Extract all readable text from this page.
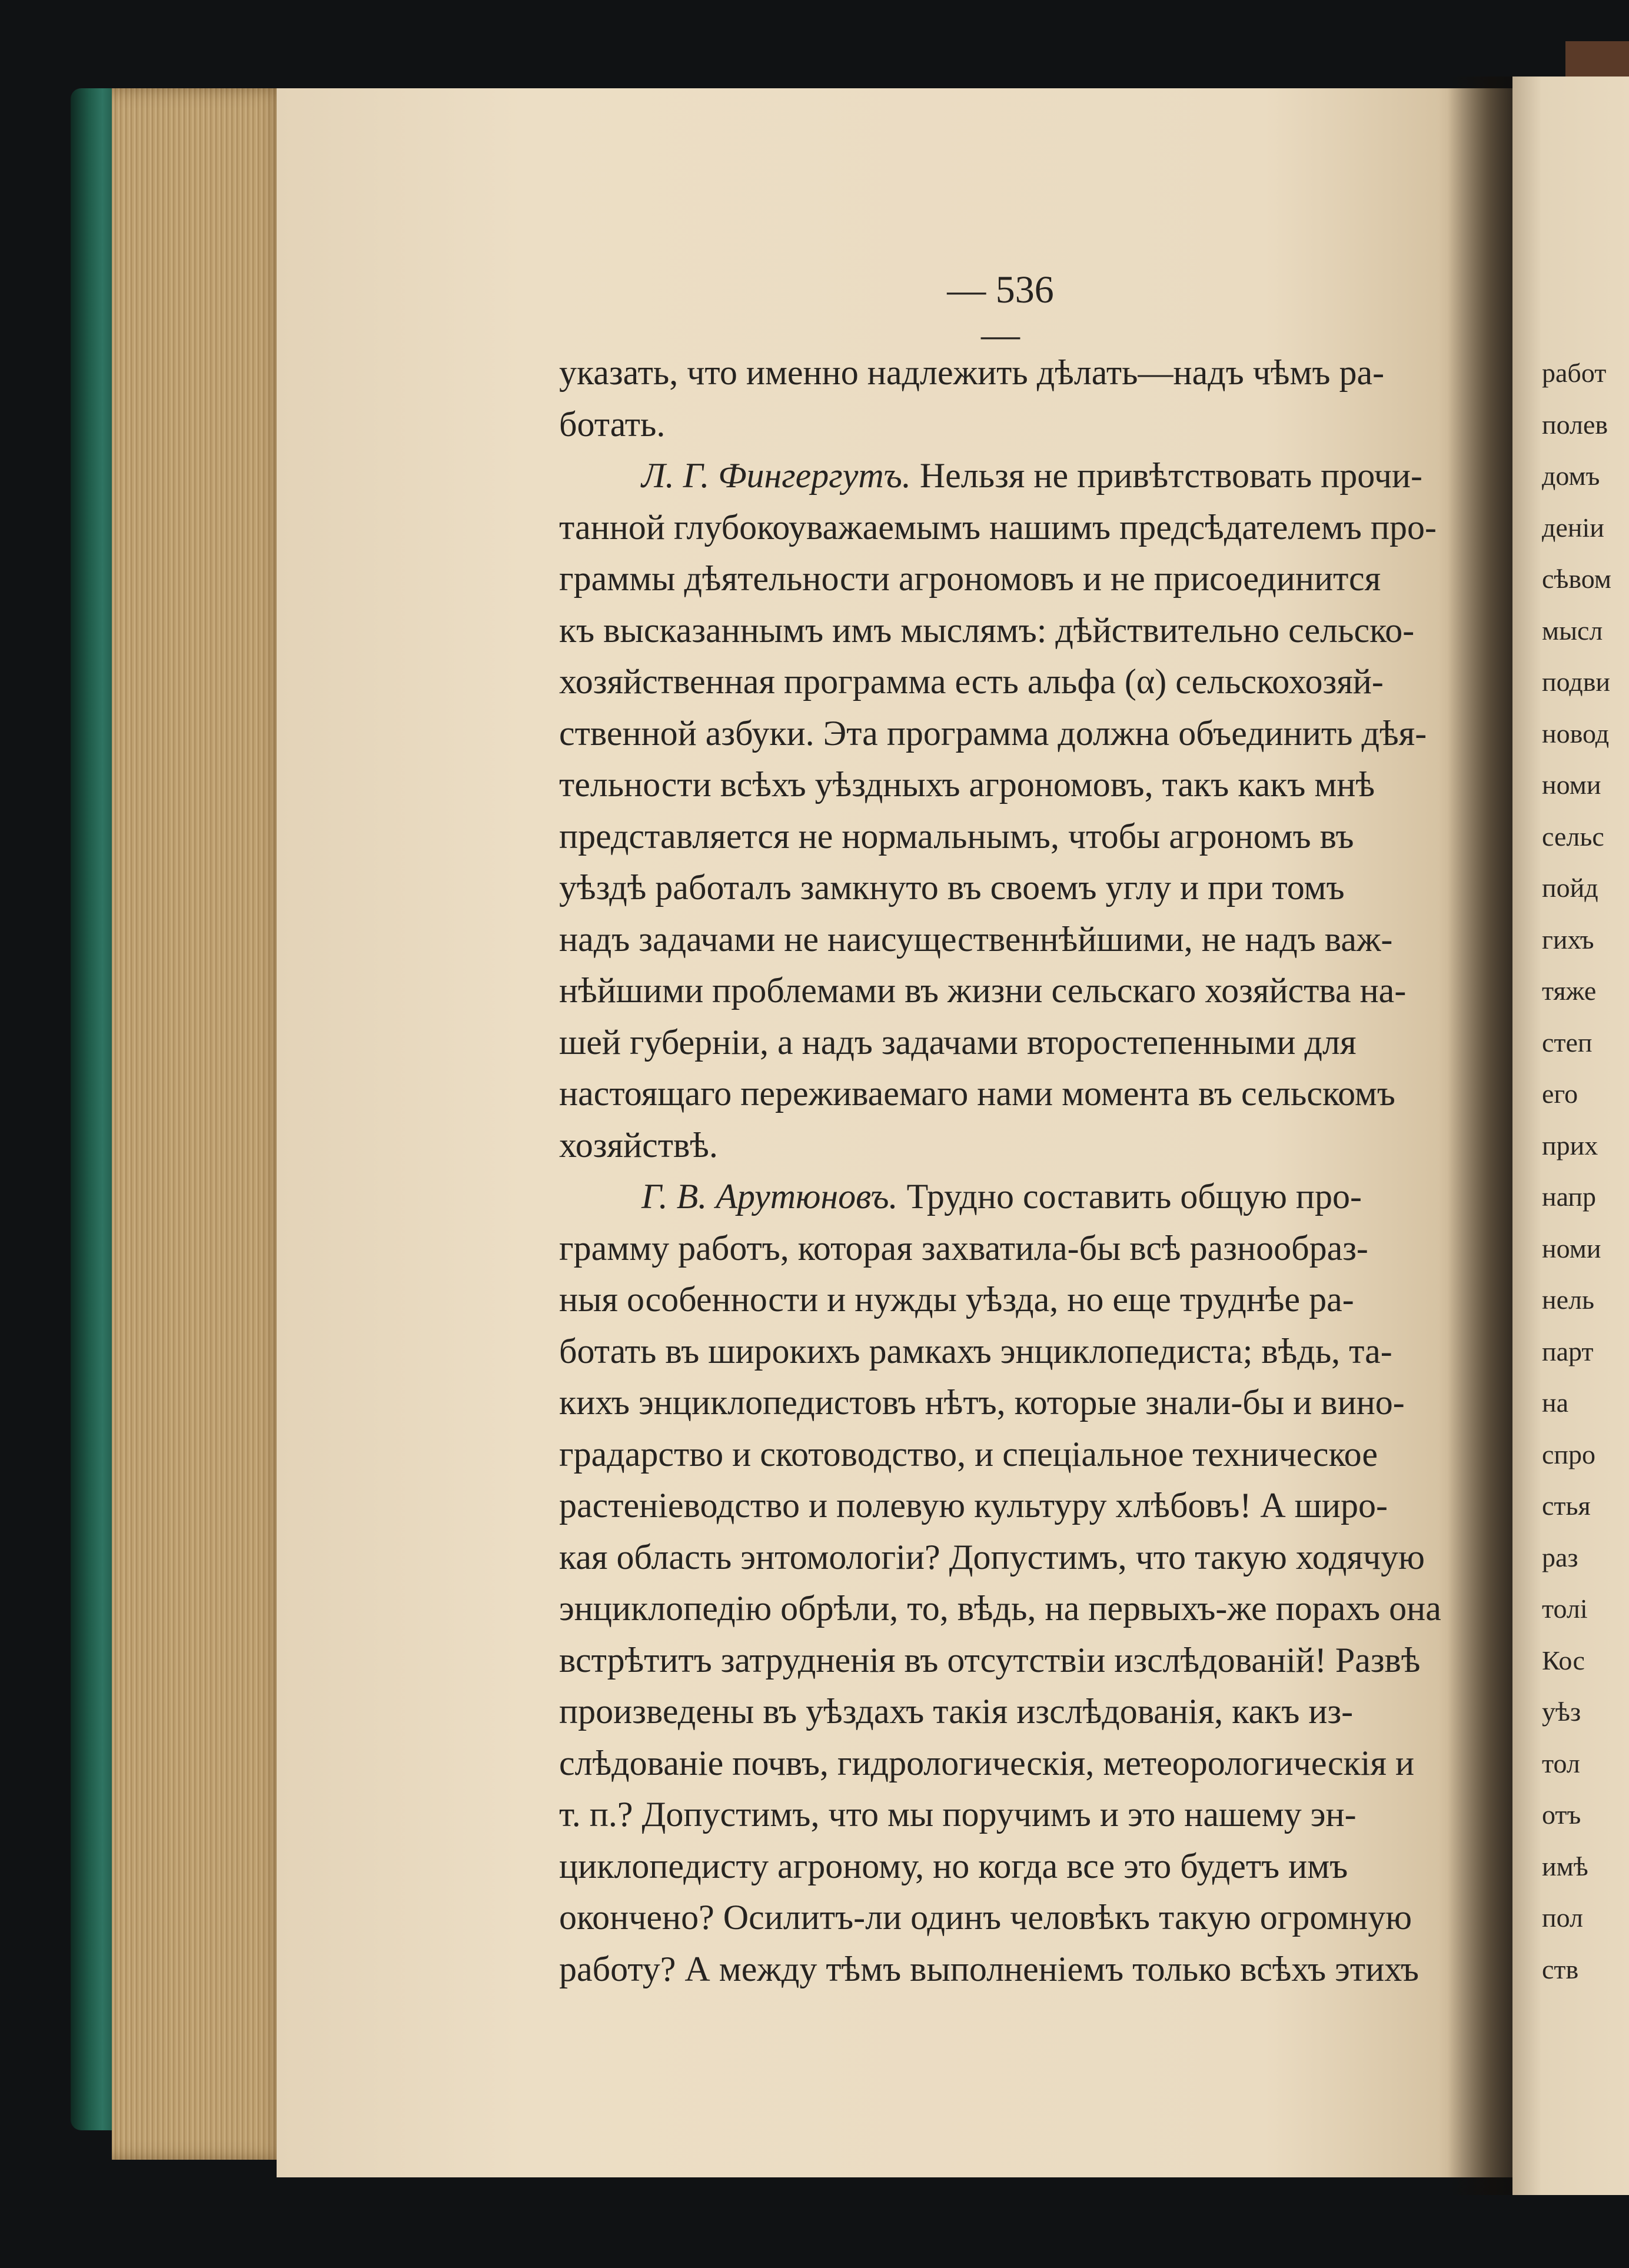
— 536 —
указать, что именно надлежить дѣлать—надъ чѣмъ ра-
ботать.
Л. Г. Фингергутъ. Нельзя не привѣтствовать прочи-
танной глубокоуважаемымъ нашимъ предсѣдателемъ про-
граммы дѣятельности агрономовъ и не присоединится
къ высказаннымъ имъ мыслямъ: дѣйствительно сельско-
хозяйственная программа есть альфа (α) сельскохозяй-
ственной азбуки. Эта программа должна объединить дѣя-
тельности всѣхъ уѣздныхъ агрономовъ, такъ какъ мнѣ
представляется не нормальнымъ, чтобы агрономъ въ
уѣздѣ работалъ замкнуто въ своемъ углу и при томъ
надъ задачами не наисущественнѣйшими, не надъ важ-
нѣйшими проблемами въ жизни сельскаго хозяйства на-
шей губерніи, а надъ задачами второстепенными для
настоящаго переживаемаго нами момента въ сельскомъ
хозяйствѣ.
Г. В. Арутюновъ. Трудно составить общую про-
грамму работъ, которая захватила-бы всѣ разнообраз-
ныя особенности и нужды уѣзда, но еще труднѣе ра-
ботать въ широкихъ рамкахъ энциклопедиста; вѣдь, та-
кихъ энциклопедистовъ нѣтъ, которые знали-бы и вино-
градарство и скотоводство, и спеціальное техническое
растеніеводство и полевую культуру хлѣбовъ! А широ-
кая область энтомологіи? Допустимъ, что такую ходячую
энциклопедію обрѣли, то, вѣдь, на первыхъ-же порахъ она
встрѣтитъ затрудненія въ отсутствіи изслѣдованій! Развѣ
произведены въ уѣздахъ такія изслѣдованія, какъ из-
слѣдованіе почвъ, гидрологическія, метеорологическія и
т. п.? Допустимъ, что мы поручимъ и это нашему эн-
циклопедисту агроному, но когда все это будетъ имъ
окончено? Осилитъ-ли одинъ человѣкъ такую огромную
работу? А между тѣмъ выполненіемъ только всѣхъ этихъ
работ
полев
домъ
деніи
сѣвом
мысл
подви
новод
номи
сельс
пойд
гихъ
тяже
степ
его
прих
напр
номи
нель
парт
на
спро
стья
раз
толі
Кос
уѣз
тол
отъ
имѣ
пол
ств
